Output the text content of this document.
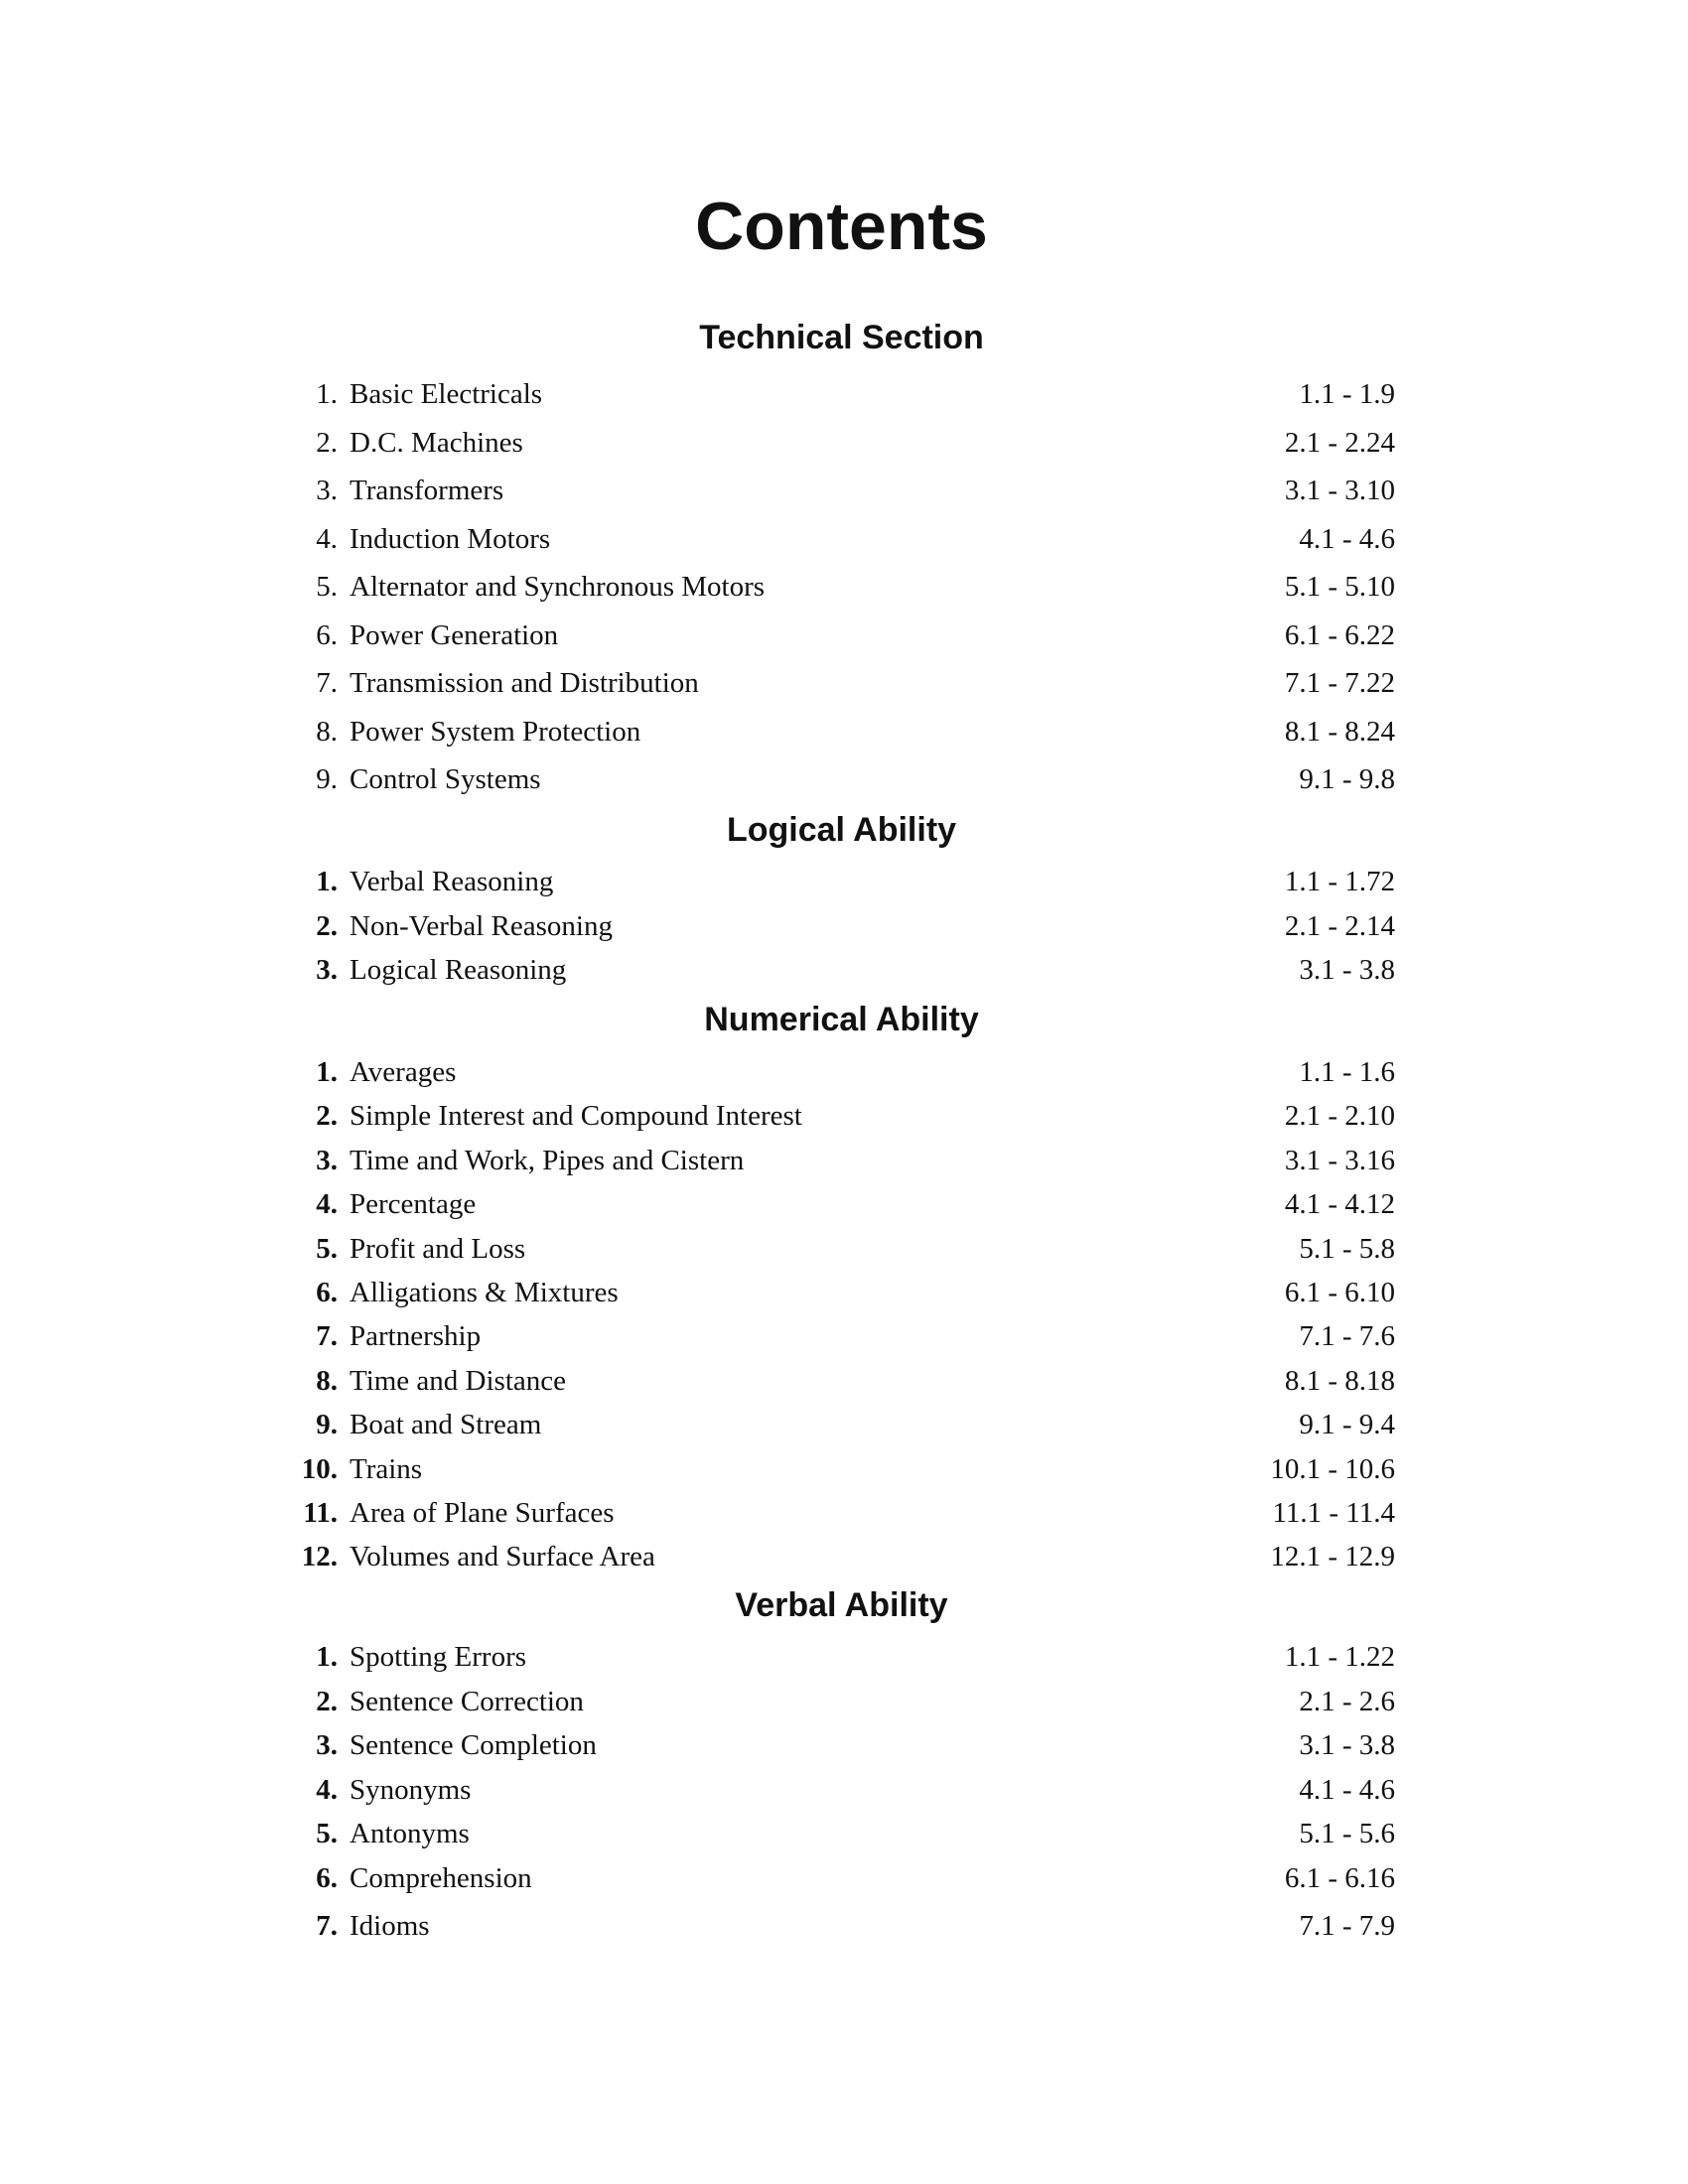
Contents
Technical Section
1. Basic Electricals	1.1 - 1.9
2. D.C. Machines	2.1 - 2.24
3. Transformers	3.1 - 3.10
4. Induction Motors	4.1 - 4.6
5. Alternator and Synchronous Motors	5.1 - 5.10
6. Power Generation	6.1 - 6.22
7. Transmission and Distribution	7.1 - 7.22
8. Power System Protection	8.1 - 8.24
9. Control Systems	9.1 - 9.8
Logical Ability
1. Verbal Reasoning	1.1 - 1.72
2. Non-Verbal Reasoning	2.1 - 2.14
3. Logical Reasoning	3.1 - 3.8
Numerical Ability
1. Averages	1.1 - 1.6
2. Simple Interest and Compound Interest	2.1 - 2.10
3. Time and Work, Pipes and Cistern	3.1 - 3.16
4. Percentage	4.1 - 4.12
5. Profit and Loss	5.1 - 5.8
6. Alligations & Mixtures	6.1 - 6.10
7. Partnership	7.1 - 7.6
8. Time and Distance	8.1 - 8.18
9. Boat and Stream	9.1 - 9.4
10. Trains	10.1 - 10.6
11. Area of Plane Surfaces	11.1 - 11.4
12. Volumes and Surface Area	12.1 - 12.9
Verbal Ability
1. Spotting Errors	1.1 - 1.22
2. Sentence Correction	2.1 - 2.6
3. Sentence Completion	3.1 - 3.8
4. Synonyms	4.1 - 4.6
5. Antonyms	5.1 - 5.6
6. Comprehension	6.1 - 6.16
7. Idioms	7.1 - 7.9
